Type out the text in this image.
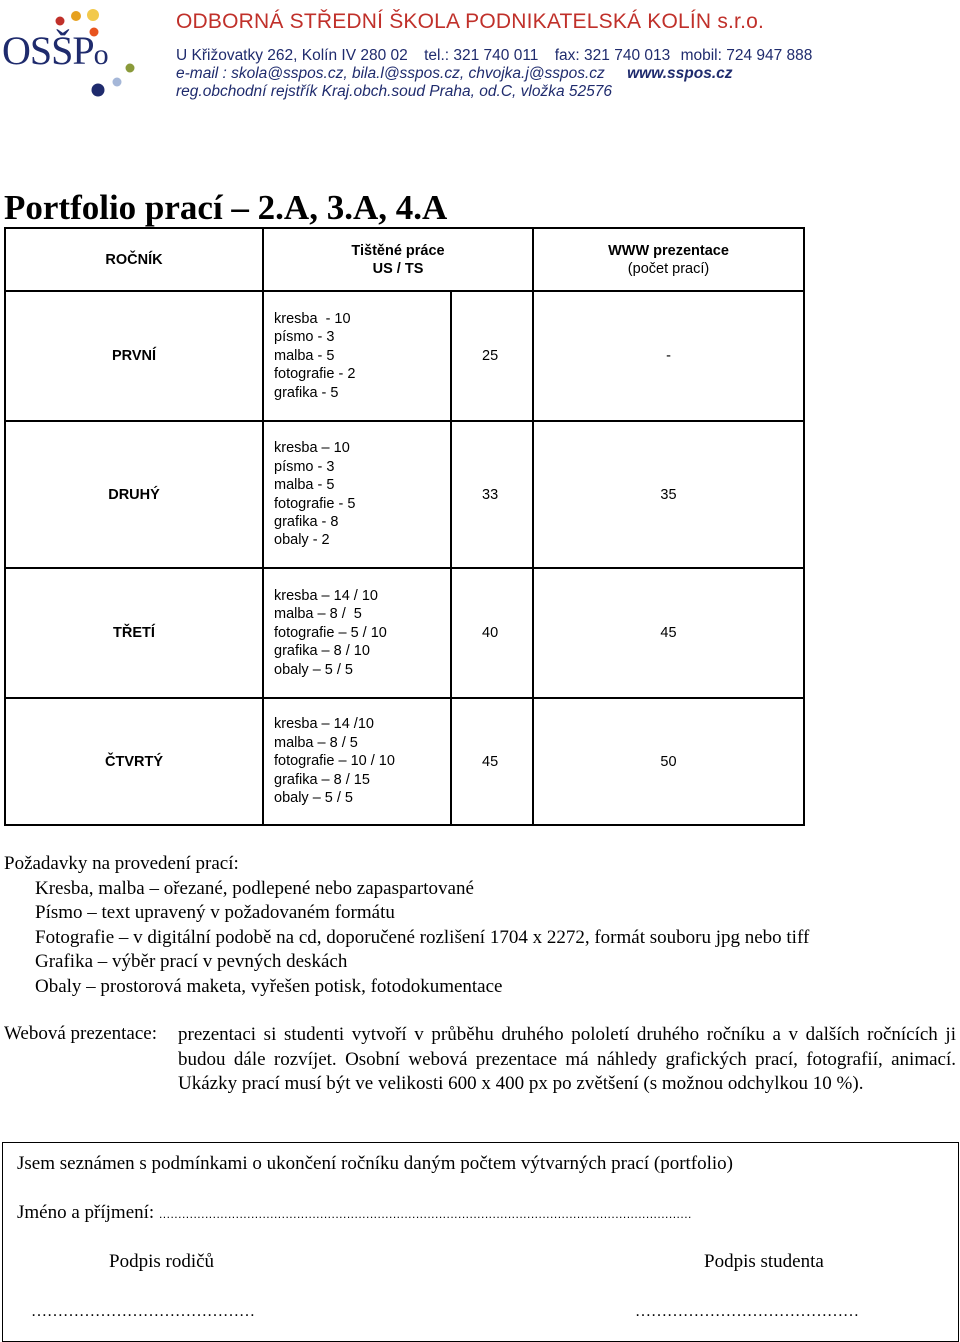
OSŠPo
ODBORNÁ STŘEDNÍ ŠKOLA PODNIKATELSKÁ KOLÍN s.r.o.
U Křižovatky 262, Kolín IV 280 02 tel.: 321 740 011 fax: 321 740 013 mobil: 724 947 888
e-mail : skola@sspos.cz, bila.l@sspos.cz, chvojka.j@sspos.cz www.sspos.cz
reg.obchodní rejstřík Kraj.obch.soud Praha, od.C, vložka 52576
Portfolio prací – 2.A, 3.A, 4.A
ROČNÍK
Tištěné práce
US / TS
WWW prezentace
(počet prací)
PRVNÍ
kresba  - 10
písmo - 3
malba - 5
fotografie - 2
grafika - 5
25	-
DRUHÝ
kresba – 10
písmo - 3
malba - 5
fotografie - 5
grafika - 8
obaly - 2
33	35
TŘETÍ
kresba – 14 / 10
malba – 8 /  5
fotografie – 5 / 10
grafika – 8 / 10
obaly – 5 / 5
40	45
ČTVRTÝ
kresba – 14 /10
malba – 8 / 5
fotografie – 10 / 10
grafika – 8 / 15
obaly – 5 / 5
45	50
Požadavky na provedení prací:
Kresba, malba – ořezané, podlepené nebo zapaspartované
Písmo – text upravený v požadovaném formátu
Fotografie – v digitální podobě na cd, doporučené rozlišení 1704 x 2272, formát souboru jpg nebo tiff
Grafika – výběr prací v pevných deskách
Obaly – prostorová maketa, vyřešen potisk, fotodokumentace
Webová prezentace: prezentaci si studenti vytvoří v průběhu druhého pololetí druhého ročníku a v dalších ročnících ji budou dále rozvíjet. Osobní webová prezentace má náhledy grafických prací, fotografií, animací. Ukázky prací musí být ve velikosti 600 x 400 px po zvětšení (s možnou odchylkou 10 %).
Jsem seznámen s podmínkami o ukončení ročníku daným počtem výtvarných prací (portfolio)
Jméno a příjmení: ...........................................................................................................................................
Podpis rodičů	Podpis studenta
……………………………………	……………………………………
